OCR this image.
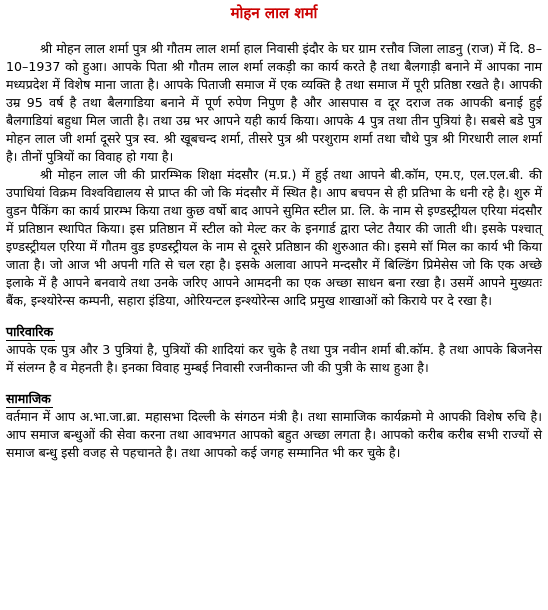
मोहन लाल शर्मा

श्री मोहन लाल शर्मा पुत्र श्री गौतम लाल शर्मा हाल निवासी इंदौर के घर ग्राम रत्तौव जिला लाडनु (राज) में दि. 8–10–1937 को हुआ। आपके पिता श्री गौतम लाल शर्मा लकड़ी का कार्य करते है तथा बैलगाड़ी बनाने में आपका नाम मध्यप्रदेश में विशेष माना जाता है। आपके पिताजी समाज में एक व्यक्ति है तथा समाज में पूरी प्रतिष्ठा रखते है। आपकी उम्र 95 वर्ष है तथा बैलगाडिया बनाने में पूर्ण रुपेण निपुण है और आसपास व दूर दराज तक आपकी बनाई हुई बैलगाडियां बहुधा मिल जाती है। तथा उम्र भर आपने यही कार्य किया। आपके 4 पुत्र तथा तीन पुत्रियां है। सबसे बडे पुत्र मोहन लाल जी शर्मा दूसरे पुत्र स्व. श्री खूबचन्द शर्मा, तीसरे पुत्र श्री परशुराम शर्मा तथा चौथे पुत्र श्री गिरधारी लाल शर्मा है। तीनों पुत्रियों का विवाह हो गया है।

श्री मोहन लाल जी की प्रारम्भिक शिक्षा मंदसौर (म.प्र.) में हुई तथा आपने बी.कॉम, एम.ए, एल.एल.बी. की उपाधियां विक्रम विश्वविद्यालय से प्राप्त की जो कि मंदसौर में स्थित है। आप बचपन से ही प्रतिभा के धनी रहे है। शुरु में वुडन पैकिंग का कार्य प्रारम्भ किया तथा कुछ वर्षो बाद आपने सुमित स्टील प्रा. लि. के नाम से इण्डस्ट्रीयल एरिया मंदसौर में प्रतिष्ठान स्थापित किया। इस प्रतिष्ठान में स्टील को मेल्ट कर के इनगार्ड द्वारा प्लेट तैयार की जाती थी। इसके पश्चात् इण्डस्ट्रीयल एरिया में गौतम वुड इण्डस्ट्रीयल के नाम से दूसरे प्रतिष्ठान की शुरुआत की। इसमे सॉ मिल का कार्य भी किया जाता है। जो आज भी अपनी गति से चल रहा है। इसके अलावा आपने मन्दसौर में बिल्डिंग प्रिमेसेस जो कि एक अच्छे इलाके में है आपने बनवाये तथा उनके जरिए आपने आमदनी का एक अच्छा साधन बना रखा है। उसमें आपने मुख्यतः बैंक, इन्श्योरेन्स कम्पनी, सहारा इंडिया, ओरियन्टल इन्श्योरेन्स आदि प्रमुख शाखाओं को किराये पर दे रखा है।

पारिवारिक

आपके एक पुत्र और 3 पुत्रियां है, पुत्रियों की शादियां कर चुके है तथा पुत्र नवीन शर्मा बी.कॉम. है तथा आपके बिजनेस में संलग्न है व मेहनती है। इनका विवाह मुम्बई निवासी रजनीकान्त जी की पुत्री के साथ हुआ है।

सामाजिक

वर्तमान में आप अ.भा.जा.ब्रा. महासभा दिल्ली के संगठन मंत्री है। तथा सामाजिक कार्यक्रमो मे आपकी विशेष रुचि है। आप समाज बन्धुओं की सेवा करना तथा आवभगत आपको बहुत अच्छा लगता है। आपको करीब करीब सभी राज्यों से समाज बन्धु इसी वजह से पहचानते है। तथा आपको कई जगह सम्मानित भी कर चुके है।
